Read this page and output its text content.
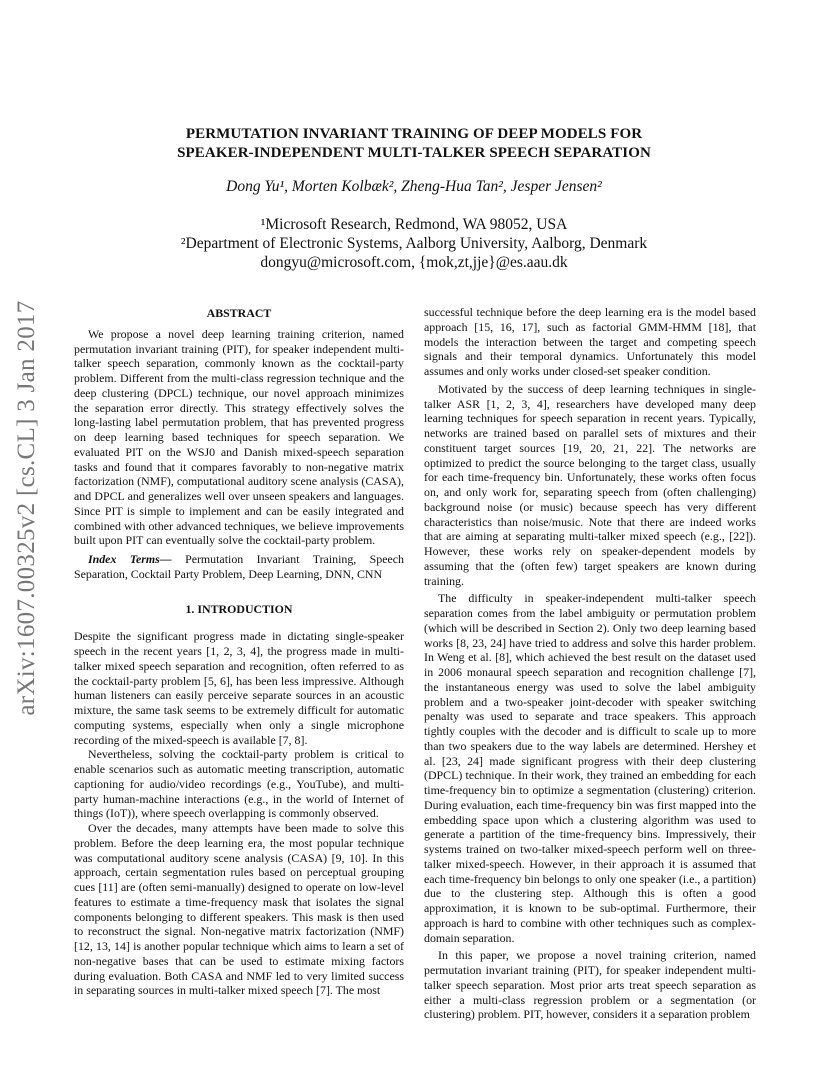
PERMUTATION INVARIANT TRAINING OF DEEP MODELS FOR
SPEAKER-INDEPENDENT MULTI-TALKER SPEECH SEPARATION
Dong Yu¹, Morten Kolbæk², Zheng-Hua Tan², Jesper Jensen²
¹Microsoft Research, Redmond, WA 98052, USA
²Department of Electronic Systems, Aalborg University, Aalborg, Denmark
dongyu@microsoft.com, {mok,zt,jje}@es.aau.dk
arXiv:1607.00325v2 [cs.CL] 3 Jan 2017	ABSTRACT

We propose a novel deep learning training criterion, named permutation invariant training (PIT), for speaker independent multi-talker speech separation, commonly known as the cocktail-party problem. Different from the multi-class regression technique and the deep clustering (DPCL) technique, our novel approach minimizes the separation error directly. This strategy effectively solves the long-lasting label permutation problem, that has prevented progress on deep learning based techniques for speech separation. We evaluated PIT on the WSJ0 and Danish mixed-speech separation tasks and found that it compares favorably to non-negative matrix factorization (NMF), computational auditory scene analysis (CASA), and DPCL and generalizes well over unseen speakers and languages. Since PIT is simple to implement and can be easily integrated and combined with other advanced techniques, we believe improvements built upon PIT can eventually solve the cocktail-party problem.

Index Terms— Permutation Invariant Training, Speech Separation, Cocktail Party Problem, Deep Learning, DNN, CNN

1. INTRODUCTION

Despite the significant progress made in dictating single-speaker speech in the recent years [1, 2, 3, 4], the progress made in multi-talker mixed speech separation and recognition, often referred to as the cocktail-party problem [5, 6], has been less impressive. Although human listeners can easily perceive separate sources in an acoustic mixture, the same task seems to be extremely difficult for automatic computing systems, especially when only a single microphone recording of the mixed-speech is available [7, 8].

Nevertheless, solving the cocktail-party problem is critical to enable scenarios such as automatic meeting transcription, automatic captioning for audio/video recordings (e.g., YouTube), and multi-party human-machine interactions (e.g., in the world of Internet of things (IoT)), where speech overlapping is commonly observed.

Over the decades, many attempts have been made to solve this problem. Before the deep learning era, the most popular technique was computational auditory scene analysis (CASA) [9, 10]. In this approach, certain segmentation rules based on perceptual grouping cues [11] are (often semi-manually) designed to operate on low-level features to estimate a time-frequency mask that isolates the signal components belonging to different speakers. This mask is then used to reconstruct the signal. Non-negative matrix factorization (NMF) [12, 13, 14] is another popular technique which aims to learn a set of non-negative bases that can be used to estimate mixing factors during evaluation. Both CASA and NMF led to very limited success in separating sources in multi-talker mixed speech [7]. The most

successful technique before the deep learning era is the model based approach [15, 16, 17], such as factorial GMM-HMM [18], that models the interaction between the target and competing speech signals and their temporal dynamics. Unfortunately this model assumes and only works under closed-set speaker condition.

Motivated by the success of deep learning techniques in single-talker ASR [1, 2, 3, 4], researchers have developed many deep learning techniques for speech separation in recent years. Typically, networks are trained based on parallel sets of mixtures and their constituent target sources [19, 20, 21, 22]. The networks are optimized to predict the source belonging to the target class, usually for each time-frequency bin. Unfortunately, these works often focus on, and only work for, separating speech from (often challenging) background noise (or music) because speech has very different characteristics than noise/music. Note that there are indeed works that are aiming at separating multi-talker mixed speech (e.g., [22]). However, these works rely on speaker-dependent models by assuming that the (often few) target speakers are known during training.

The difficulty in speaker-independent multi-talker speech separation comes from the label ambiguity or permutation problem (which will be described in Section 2). Only two deep learning based works [8, 23, 24] have tried to address and solve this harder problem. In Weng et al. [8], which achieved the best result on the dataset used in 2006 monaural speech separation and recognition challenge [7], the instantaneous energy was used to solve the label ambiguity problem and a two-speaker joint-decoder with speaker switching penalty was used to separate and trace speakers. This approach tightly couples with the decoder and is difficult to scale up to more than two speakers due to the way labels are determined. Hershey et al. [23, 24] made significant progress with their deep clustering (DPCL) technique. In their work, they trained an embedding for each time-frequency bin to optimize a segmentation (clustering) criterion. During evaluation, each time-frequency bin was first mapped into the embedding space upon which a clustering algorithm was used to generate a partition of the time-frequency bins. Impressively, their systems trained on two-talker mixed-speech perform well on three-talker mixed-speech. However, in their approach it is assumed that each time-frequency bin belongs to only one speaker (i.e., a partition) due to the clustering step. Although this is often a good approximation, it is known to be sub-optimal. Furthermore, their approach is hard to combine with other techniques such as complex-domain separation.

In this paper, we propose a novel training criterion, named permutation invariant training (PIT), for speaker independent multi-talker speech separation. Most prior arts treat speech separation as either a multi-class regression problem or a segmentation (or clustering) problem. PIT, however, considers it a separation problem
